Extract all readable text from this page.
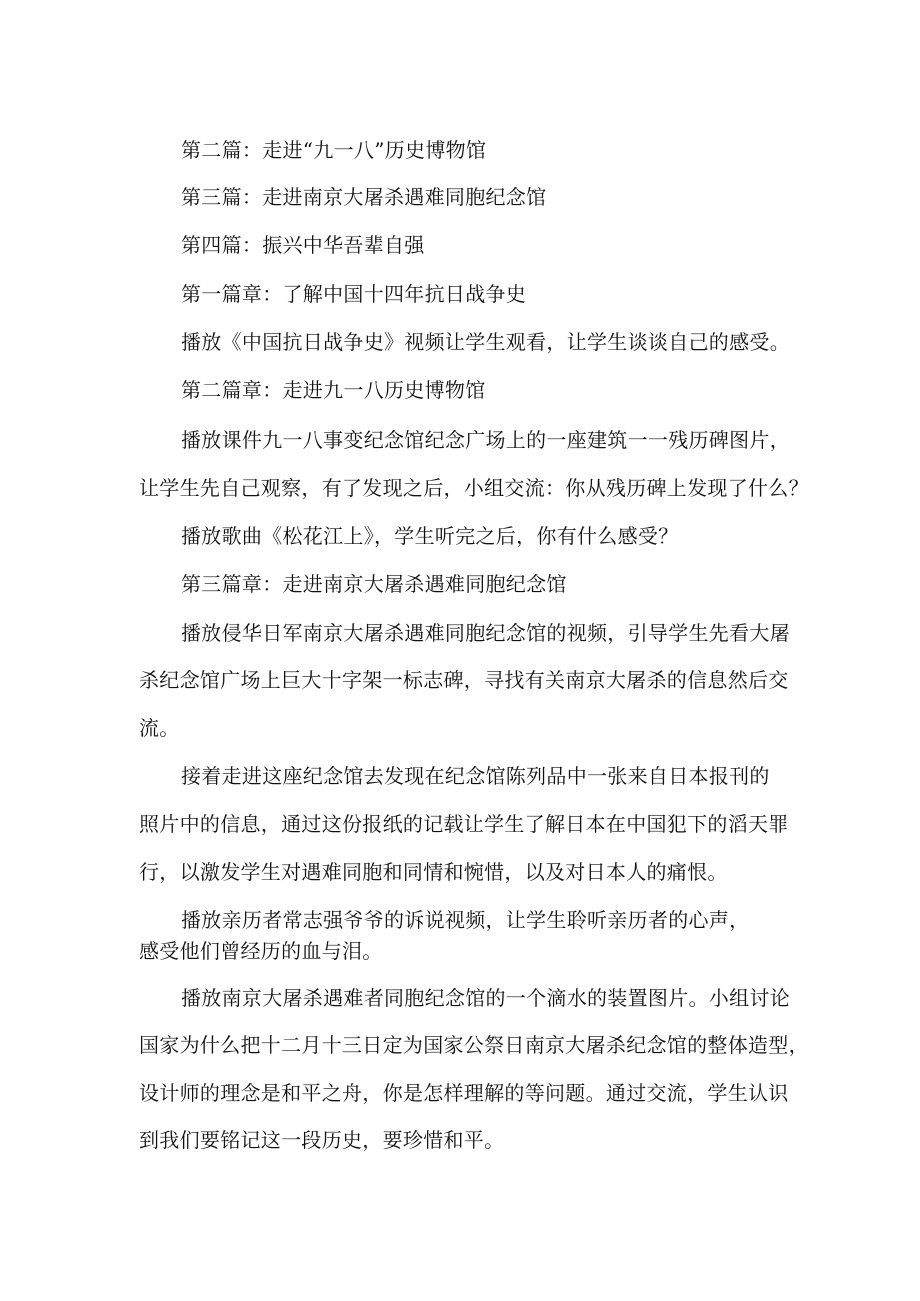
第二篇：走进“九一八”历史博物馆
第三篇：走进南京大屠杀遇难同胞纪念馆
第四篇：振兴中华吾辈自强
第一篇章：了解中国十四年抗日战争史
播放《中国抗日战争史》视频让学生观看，让学生谈谈自己的感受。
第二篇章：走进九一八历史博物馆
播放课件九一八事变纪念馆纪念广场上的一座建筑一一残历碑图片，
让学生先自己观察，有了发现之后，小组交流：你从残历碑上发现了什么？
播放歌曲《松花江上》，学生听完之后，你有什么感受？
第三篇章：走进南京大屠杀遇难同胞纪念馆
播放侵华日军南京大屠杀遇难同胞纪念馆的视频，引导学生先看大屠
杀纪念馆广场上巨大十字架一标志碑，寻找有关南京大屠杀的信息然后交
流。
接着走进这座纪念馆去发现在纪念馆陈列品中一张来自日本报刊的
照片中的信息，通过这份报纸的记载让学生了解日本在中国犯下的滔天罪
行，以激发学生对遇难同胞和同情和惋惜，以及对日本人的痛恨。
播放亲历者常志强爷爷的诉说视频，让学生聆听亲历者的心声，
感受他们曾经历的血与泪。
播放南京大屠杀遇难者同胞纪念馆的一个滴水的装置图片。小组讨论
国家为什么把十二月十三日定为国家公祭日南京大屠杀纪念馆的整体造型，
设计师的理念是和平之舟，你是怎样理解的等问题。通过交流，学生认识
到我们要铭记这一段历史，要珍惜和平。
